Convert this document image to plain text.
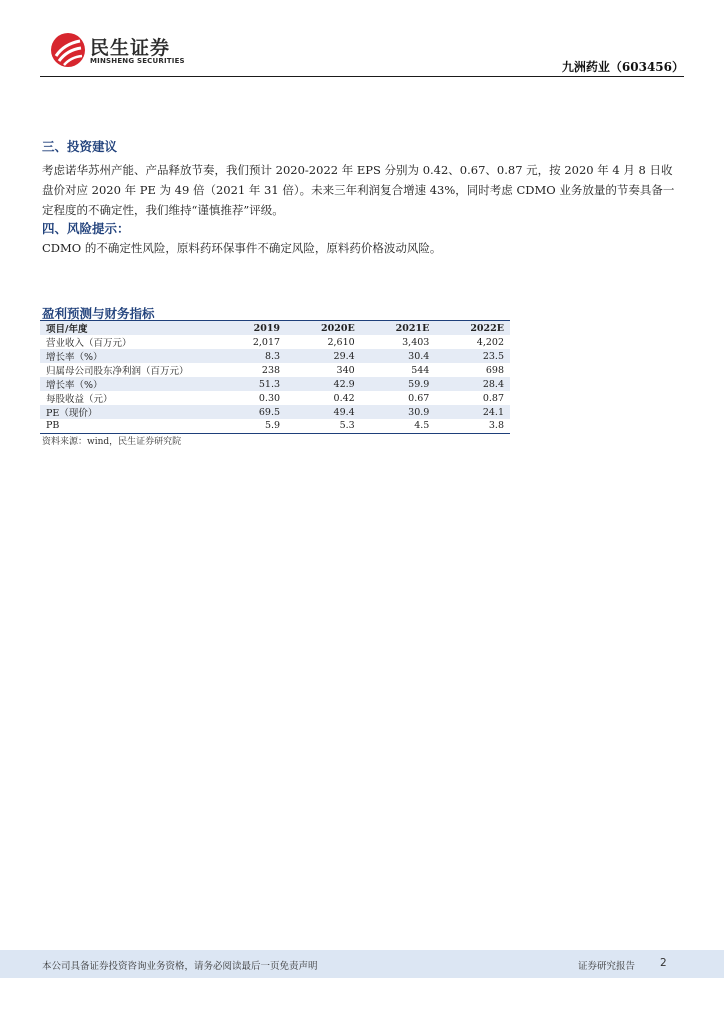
民生证券
MINSHENG SECURITIES	九洲药业（603456）
三、投资建议
考虑诺华苏州产能、产品释放节奏，我们预计 2020-2022 年 EPS 分别为 0.42、0.67、0.87 元，按 2020 年 4 月 8 日收盘价对应 2020 年 PE 为 49 倍（2021 年 31 倍）。未来三年利润复合增速 43%，同时考虑 CDMO 业务放量的节奏具备一定程度的不确定性，我们维持“谨慎推荐”评级。
四、风险提示：
CDMO 的不确定性风险，原料药环保事件不确定风险，原料药价格波动风险。
盈利预测与财务指标
项目/年度	2019	2020E	2021E	2022E
营业收入（百万元）	2,017	2,610	3,403	4,202
增长率（%）	8.3	29.4	30.4	23.5
归属母公司股东净利润（百万元）	238	340	544	698
增长率（%）	51.3	42.9	59.9	28.4
每股收益（元）	0.30	0.42	0.67	0.87
PE（现价）	69.5	49.4	30.9	24.1
PB	5.9	5.3	4.5	3.8
资料来源：wind，民生证券研究院
本公司具备证券投资咨询业务资格，请务必阅读最后一页免责声明	证券研究报告 2
